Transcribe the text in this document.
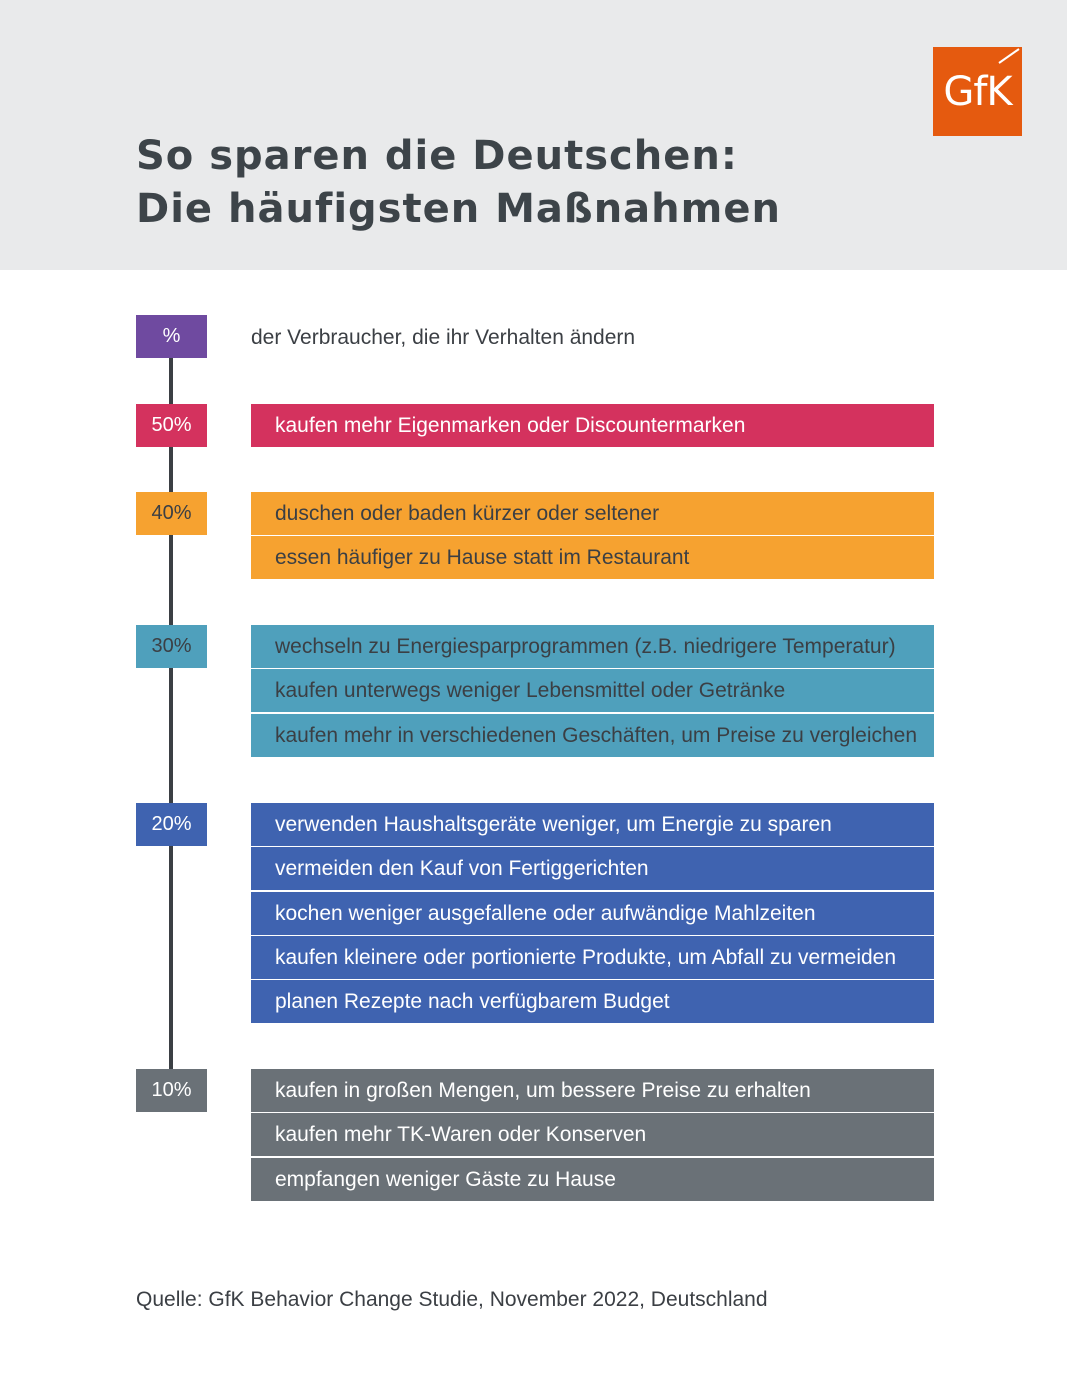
So sparen die Deutschen:
Die häufigsten Maßnahmen
GfK
%	der Verbraucher, die ihr Verhalten ändern
50%	kaufen mehr Eigenmarken oder Discountermarken
40%	duschen oder baden kürzer oder seltener
essen häufiger zu Hause statt im Restaurant
30%	wechseln zu Energiesparprogrammen (z.B. niedrigere Temperatur)
kaufen unterwegs weniger Lebensmittel oder Getränke
kaufen mehr in verschiedenen Geschäften, um Preise zu vergleichen
20%	verwenden Haushaltsgeräte weniger, um Energie zu sparen
vermeiden den Kauf von Fertiggerichten
kochen weniger ausgefallene oder aufwändige Mahlzeiten
kaufen kleinere oder portionierte Produkte, um Abfall zu vermeiden
planen Rezepte nach verfügbarem Budget
10%	kaufen in großen Mengen, um bessere Preise zu erhalten
kaufen mehr TK-Waren oder Konserven
empfangen weniger Gäste zu Hause
Quelle: GfK Behavior Change Studie, November 2022, Deutschland
